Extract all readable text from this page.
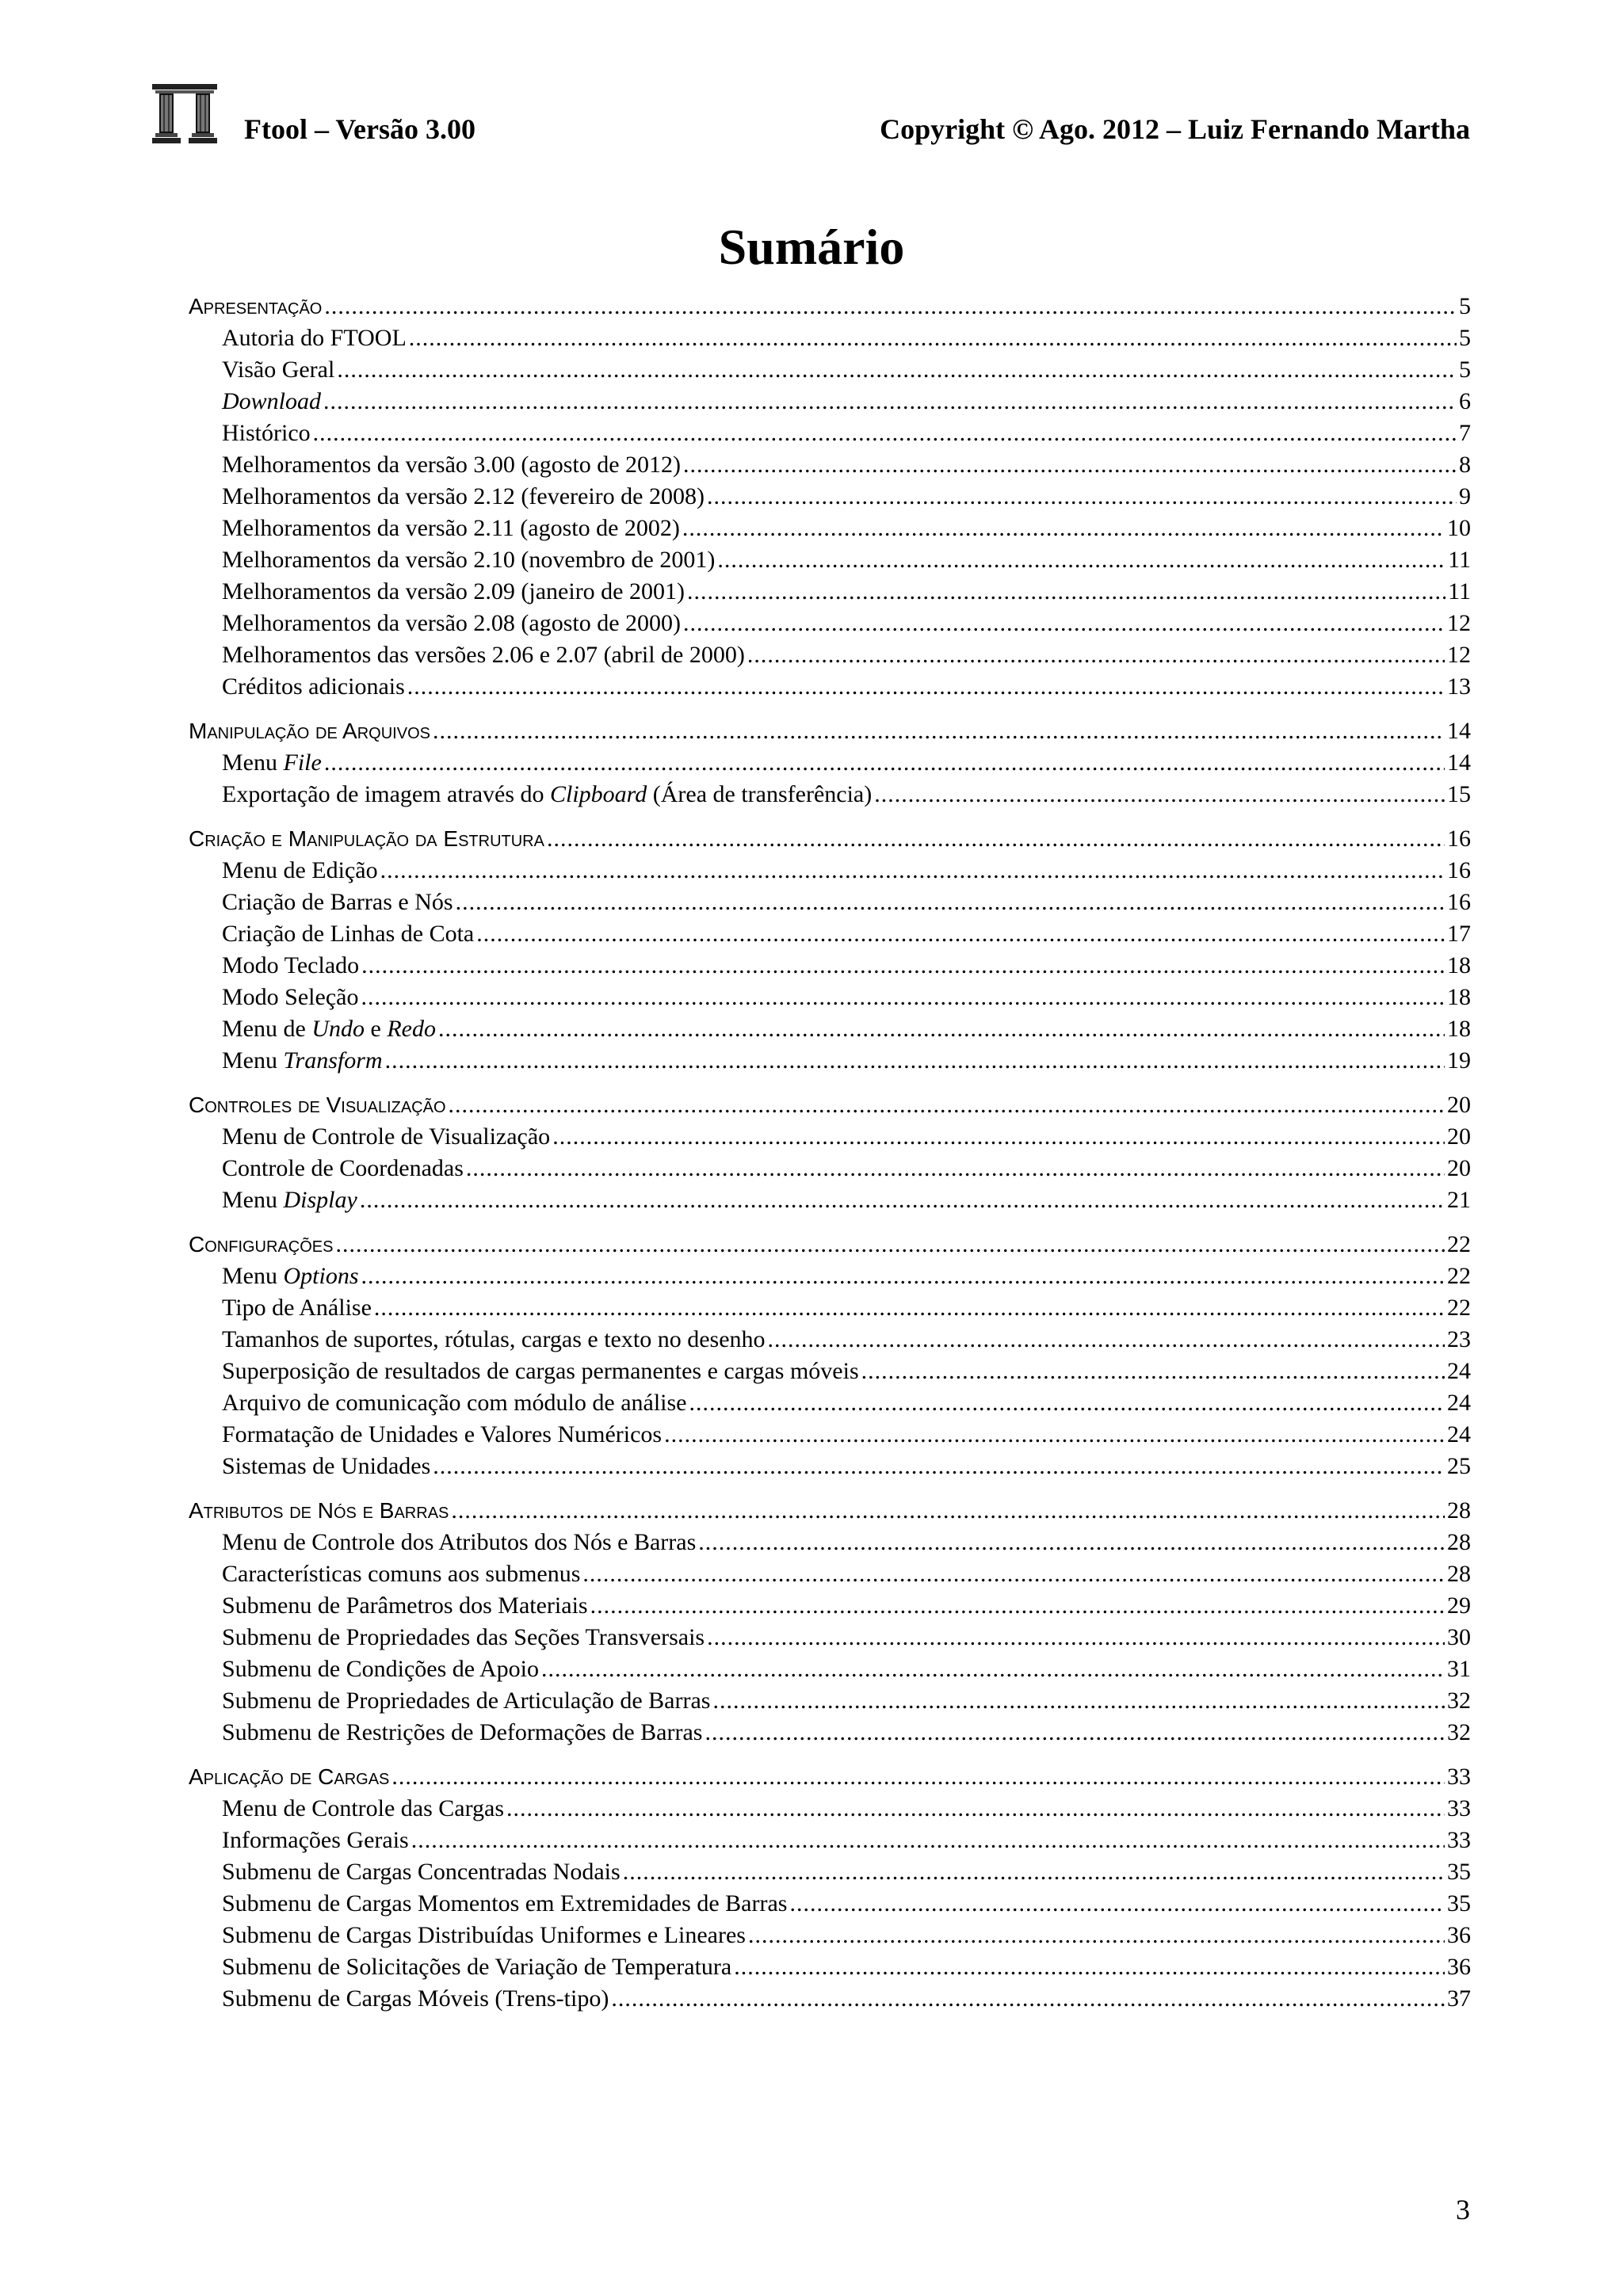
Ftool – Versão 3.00	Copyright © Ago. 2012 – Luiz Fernando Martha
Sumário
Apresentação .....	5
Autoria do FTOOL .....	5
Visão Geral .....	5
Download .....	6
Histórico .....	7
Melhoramentos da versão 3.00 (agosto de 2012) .....	8
Melhoramentos da versão 2.12 (fevereiro de 2008) .....	9
Melhoramentos da versão 2.11 (agosto de 2002) .....	10
Melhoramentos da versão 2.10 (novembro de 2001) .....	11
Melhoramentos da versão 2.09 (janeiro de 2001) .....	11
Melhoramentos da versão 2.08 (agosto de 2000) .....	12
Melhoramentos das versões 2.06 e 2.07 (abril de 2000) .....	12
Créditos adicionais .....	13
Manipulação de Arquivos .....	14
Menu File .....	14
Exportação de imagem através do Clipboard (Área de transferência) .....	15
Criação e Manipulação da Estrutura .....	16
Menu de Edição .....	16
Criação de Barras e Nós .....	16
Criação de Linhas de Cota .....	17
Modo Teclado .....	18
Modo Seleção .....	18
Menu de Undo e Redo .....	18
Menu Transform .....	19
Controles de Visualização .....	20
Menu de Controle de Visualização .....	20
Controle de Coordenadas .....	20
Menu Display .....	21
Configurações .....	22
Menu Options .....	22
Tipo de Análise .....	22
Tamanhos de suportes, rótulas, cargas e texto no desenho .....	23
Superposição de resultados de cargas permanentes e cargas móveis .....	24
Arquivo de comunicação com módulo de análise .....	24
Formatação de Unidades e Valores Numéricos .....	24
Sistemas de Unidades .....	25
Atributos de Nós e Barras .....	28
Menu de Controle dos Atributos dos Nós e Barras .....	28
Características comuns aos submenus .....	28
Submenu de Parâmetros dos Materiais .....	29
Submenu de Propriedades das Seções Transversais .....	30
Submenu de Condições de Apoio .....	31
Submenu de Propriedades de Articulação de Barras .....	32
Submenu de Restrições de Deformações de Barras .....	32
Aplicação de Cargas .....	33
Menu de Controle das Cargas .....	33
Informações Gerais .....	33
Submenu de Cargas Concentradas Nodais .....	35
Submenu de Cargas Momentos em Extremidades de Barras .....	35
Submenu de Cargas Distribuídas Uniformes e Lineares .....	36
Submenu de Solicitações de Variação de Temperatura .....	36
Submenu de Cargas Móveis (Trens-tipo) .....	37
3
